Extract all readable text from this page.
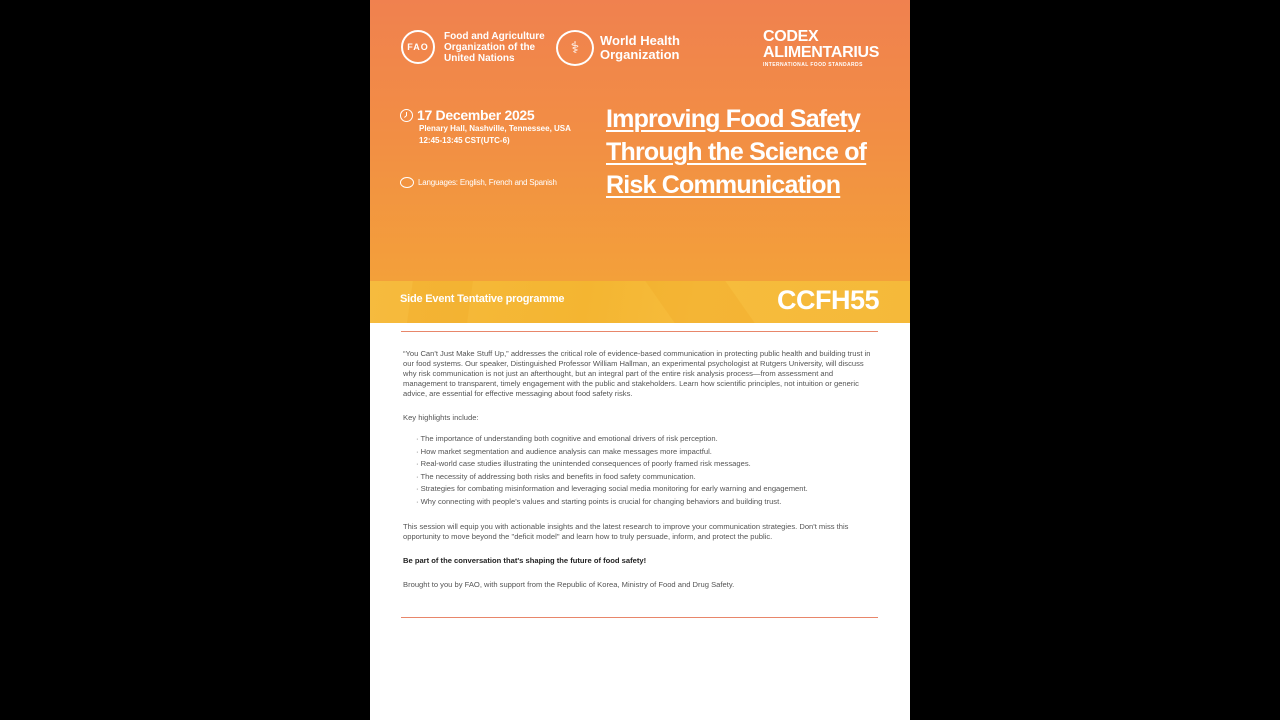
FAO
Food and Agriculture
Organization of the
United Nations
⚕	World Health
Organization
CODEX
ALIMENTARIUS
INTERNATIONAL FOOD STANDARDS
17 December 2025
Plenary Hall, Nashville, Tennessee, USA
12:45-13:45 CST(UTC-6)
Languages: English, French and Spanish
Improving Food Safety Through the Science of Risk Communication
Side Event Tentative programme	CCFH55

“You Can't Just Make Stuff Up,” addresses the critical role of evidence-based communication in protecting public health and building trust in our food systems. Our speaker, Distinguished Professor William Hallman, an experimental psychologist at Rutgers University, will discuss why risk communication is not just an afterthought, but an integral part of the entire risk analysis process—from assessment and management to transparent, timely engagement with the public and stakeholders. Learn how scientific principles, not intuition or generic advice, are essential for effective messaging about food safety risks.

Key highlights include:

· The importance of understanding both cognitive and emotional drivers of risk perception.
· How market segmentation and audience analysis can make messages more impactful.
· Real-world case studies illustrating the unintended consequences of poorly framed risk messages.
· The necessity of addressing both risks and benefits in food safety communication.
· Strategies for combating misinformation and leveraging social media monitoring for early warning and engagement.
· Why connecting with people's values and starting points is crucial for changing behaviors and building trust.

This session will equip you with actionable insights and the latest research to improve your communication strategies. Don't miss this opportunity to move beyond the "deficit model" and learn how to truly persuade, inform, and protect the public.

Be part of the conversation that's shaping the future of food safety!

Brought to you by FAO, with support from the Republic of Korea, Ministry of Food and Drug Safety.
